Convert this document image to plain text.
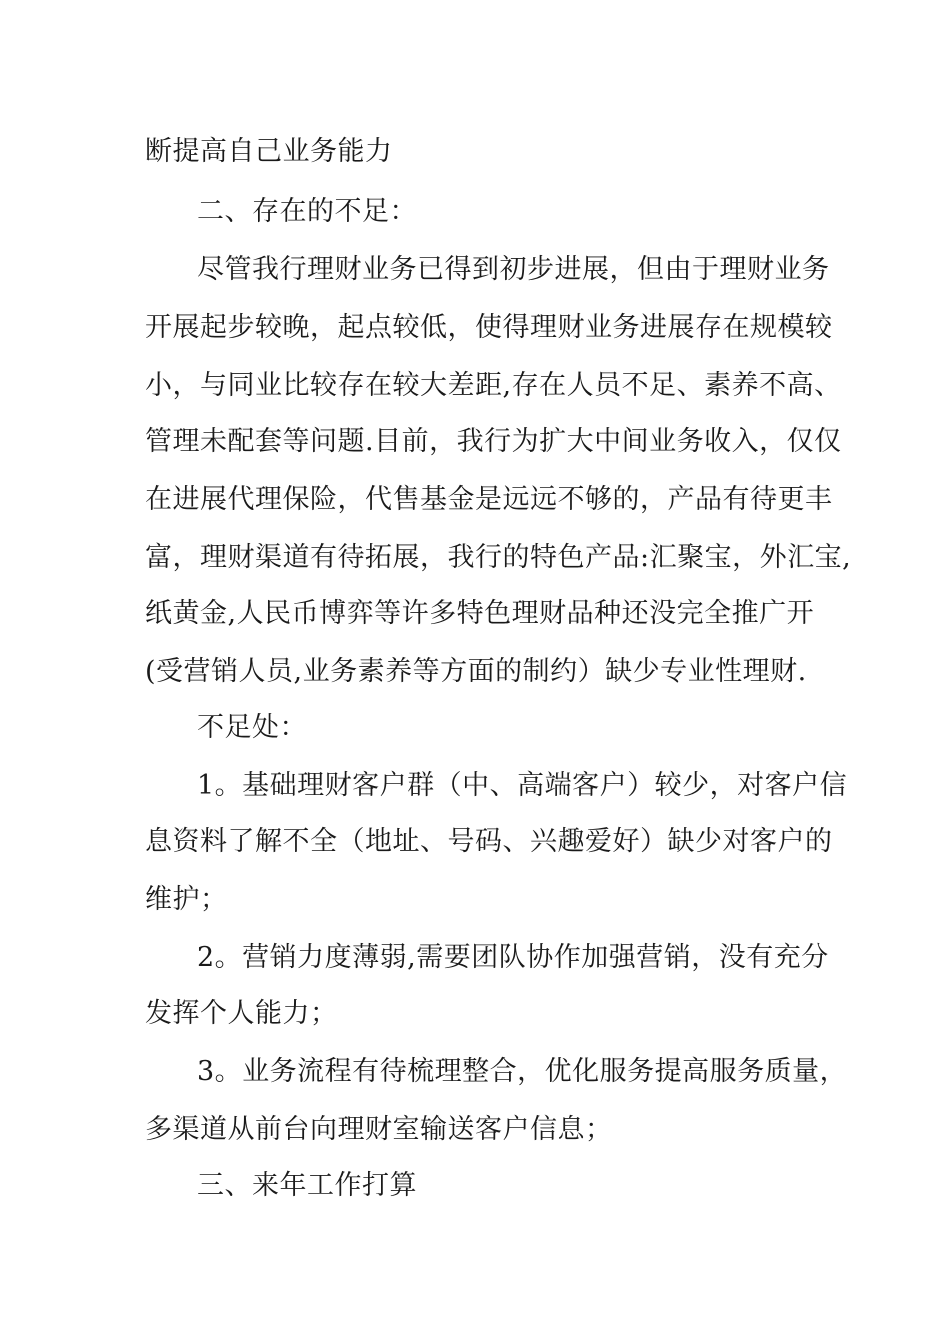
断提高自己业务能力
二、存在的不足：
尽管我行理财业务已得到初步进展，但由于理财业务
开展起步较晚，起点较低，使得理财业务进展存在规模较
小，与同业比较存在较大差距,存在人员不足、素养不高、
管理未配套等问题.目前，我行为扩大中间业务收入，仅仅
在进展代理保险，代售基金是远远不够的，产品有待更丰
富，理财渠道有待拓展，我行的特色产品:汇聚宝，外汇宝,
纸黄金,人民币博弈等许多特色理财品种还没完全推广开
(受营销人员,业务素养等方面的制约）缺少专业性理财.
不足处：
1。基础理财客户群（中、高端客户）较少，对客户信
息资料了解不全（地址、号码、兴趣爱好）缺少对客户的
维护；
2。营销力度薄弱,需要团队协作加强营销，没有充分
发挥个人能力；
3。业务流程有待梳理整合，优化服务提高服务质量，
多渠道从前台向理财室输送客户信息；
三、来年工作打算
